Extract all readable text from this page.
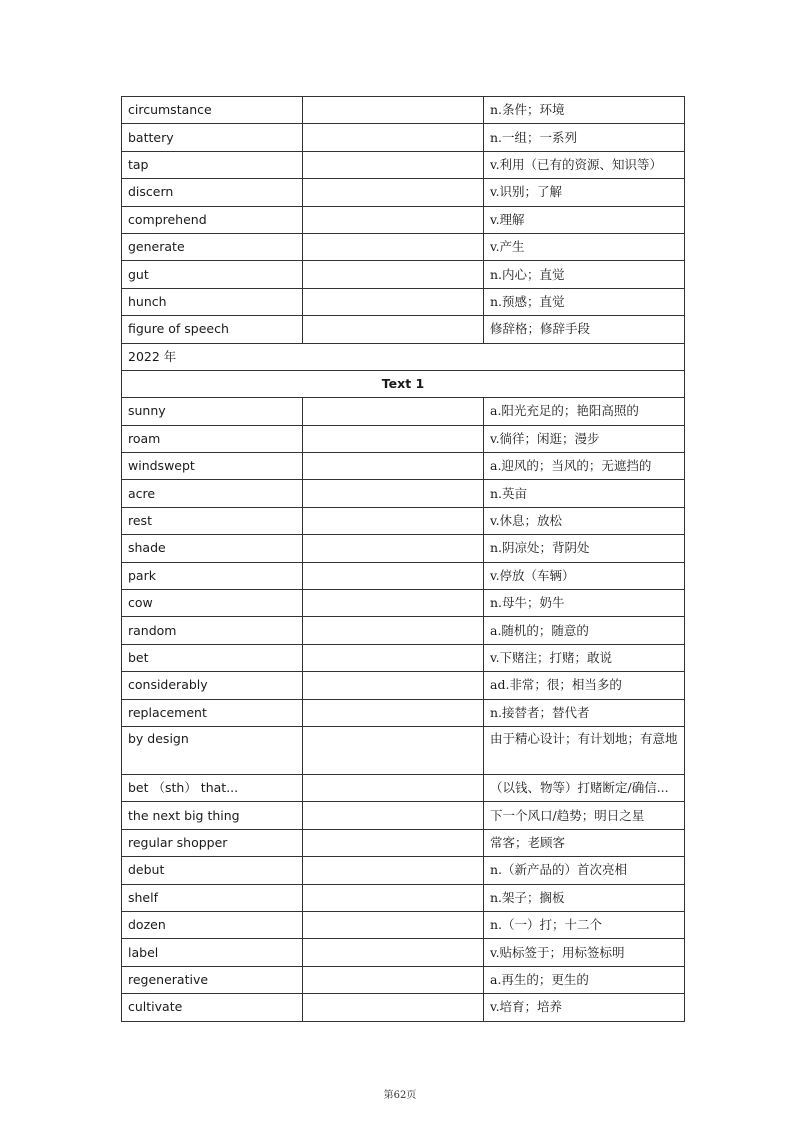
circumstance		n.条件；环境
battery		n.一组；一系列
tap		v.利用（已有的资源、知识等）
discern		v.识别；了解
comprehend		v.理解
generate		v.产生
gut		n.内心；直觉
hunch		n.预感；直觉
figure of speech		修辞格；修辞手段
2022 年		
Text 1		
sunny		a.阳光充足的；艳阳高照的
roam		v.徜徉；闲逛；漫步
windswept		a.迎风的；当风的；无遮挡的
acre		n.英亩
rest		v.休息；放松
shade		n.阴凉处；背阴处
park		v.停放（车辆）
cow		n.母牛；奶牛
random		a.随机的；随意的
bet		v.下赌注；打赌；敢说
considerably		ad.非常；很；相当多的
replacement		n.接替者；替代者
by design		由于精心设计；有计划地；有意地
bet （sth） that...		（以钱、物等）打赌断定/确信...
the next big thing		下一个风口/趋势；明日之星
regular shopper		常客；老顾客
debut		n.（新产品的）首次亮相
shelf		n.架子；搁板
dozen		n.（一）打；十二个
label		v.贴标签于；用标签标明
regenerative		a.再生的；更生的
cultivate		v.培育；培养
第62页
